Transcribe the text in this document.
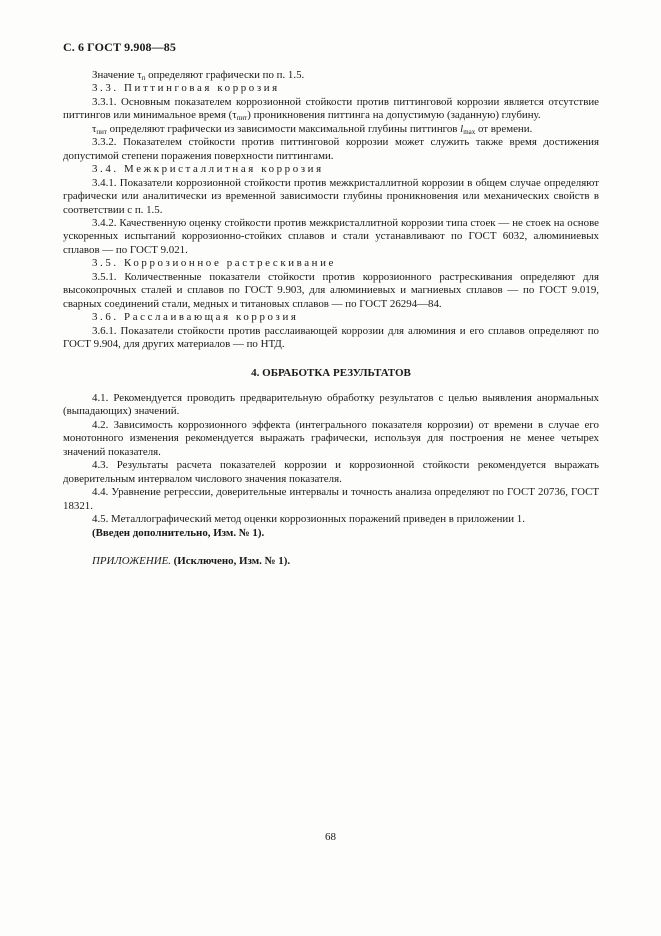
С. 6 ГОСТ 9.908—85

Значение $\tau_п$ определяют графически по п. 1.5.

3.3. Питтинговая коррозия

3.3.1. Основным показателем коррозионной стойкости против питтинговой коррозии является отсутствие питтингов или минимальное время $(\tau_{пит})$ проникновения питтинга на допустимую (заданную) глубину.

$\tau_{пит}$ определяют графически из зависимости максимальной глубины питтингов $l_{max}$ от времени.

3.3.2. Показателем стойкости против питтинговой коррозии может служить также время достижения допустимой степени поражения поверхности питтингами.

3.4. Межкристаллитная коррозия

3.4.1. Показатели коррозионной стойкости против межкристаллитной коррозии в общем случае определяют графически или аналитически из временной зависимости глубины проникновения или механических свойств в соответствии с п. 1.5.

3.4.2. Качественную оценку стойкости против межкристаллитной коррозии типа стоек — не стоек на основе ускоренных испытаний коррозионно-стойких сплавов и стали устанавливают по ГОСТ 6032, алюминиевых сплавов — по ГОСТ 9.021.

3.5. Коррозионное растрескивание

3.5.1. Количественные показатели стойкости против коррозионного растрескивания определяют для высокопрочных сталей и сплавов по ГОСТ 9.903, для алюминиевых и магниевых сплавов — по ГОСТ 9.019, сварных соединений стали, медных и титановых сплавов — по ГОСТ 26294—84.

3.6. Расслаивающая коррозия

3.6.1. Показатели стойкости против расслаивающей коррозии для алюминия и его сплавов определяют по ГОСТ 9.904, для других материалов — по НТД.

4. ОБРАБОТКА РЕЗУЛЬТАТОВ

4.1. Рекомендуется проводить предварительную обработку результатов с целью выявления анормальных (выпадающих) значений.

4.2. Зависимость коррозионного эффекта (интегрального показателя коррозии) от времени в случае его монотонного изменения рекомендуется выражать графически, используя для построения не менее четырех значений показателя.

4.3. Результаты расчета показателей коррозии и коррозионной стойкости рекомендуется выражать доверительным интервалом числового значения показателя.

4.4. Уравнение регрессии, доверительные интервалы и точность анализа определяют по ГОСТ 20736, ГОСТ 18321.

4.5. Металлографический метод оценки коррозионных поражений приведен в приложении 1.

(Введен дополнительно, Изм. № 1).

ПРИЛОЖЕНИЕ. (Исключено, Изм. № 1).

68
